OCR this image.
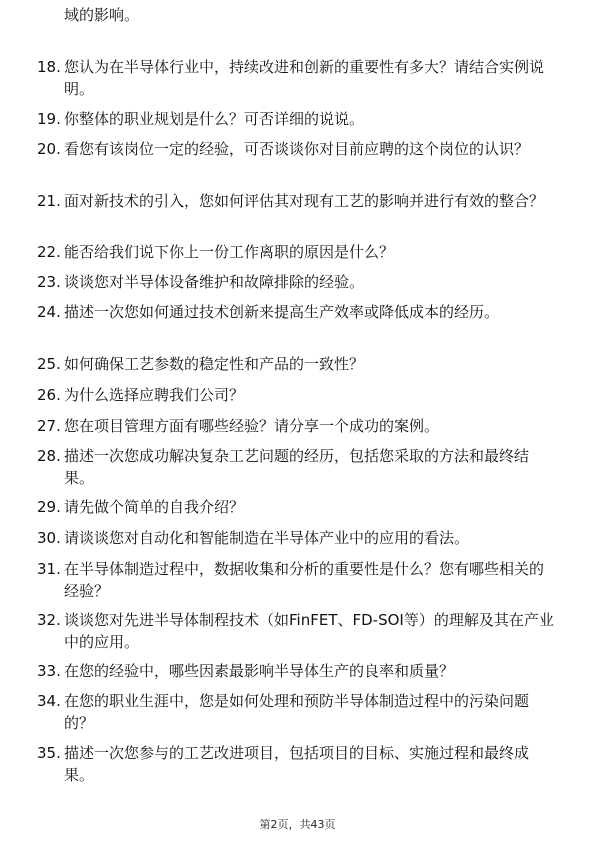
域的影响。
18. 您认为在半导体行业中，持续改进和创新的重要性有多大？请结合实例说明。
19. 你整体的职业规划是什么？可否详细的说说。
20. 看您有该岗位一定的经验，可否谈谈你对目前应聘的这个岗位的认识？
21. 面对新技术的引入，您如何评估其对现有工艺的影响并进行有效的整合？
22. 能否给我们说下你上一份工作离职的原因是什么？
23. 谈谈您对半导体设备维护和故障排除的经验。
24. 描述一次您如何通过技术创新来提高生产效率或降低成本的经历。
25. 如何确保工艺参数的稳定性和产品的一致性？
26. 为什么选择应聘我们公司？
27. 您在项目管理方面有哪些经验？请分享一个成功的案例。
28. 描述一次您成功解决复杂工艺问题的经历，包括您采取的方法和最终结果。
29. 请先做个简单的自我介绍？
30. 请谈谈您对自动化和智能制造在半导体产业中的应用的看法。
31. 在半导体制造过程中，数据收集和分析的重要性是什么？您有哪些相关的经验？
32. 谈谈您对先进半导体制程技术（如FinFET、FD-SOI等）的理解及其在产业中的应用。
33. 在您的经验中，哪些因素最影响半导体生产的良率和质量？
34. 在您的职业生涯中，您是如何处理和预防半导体制造过程中的污染问题的？
35. 描述一次您参与的工艺改进项目，包括项目的目标、实施过程和最终成果。
第2页，共43页
